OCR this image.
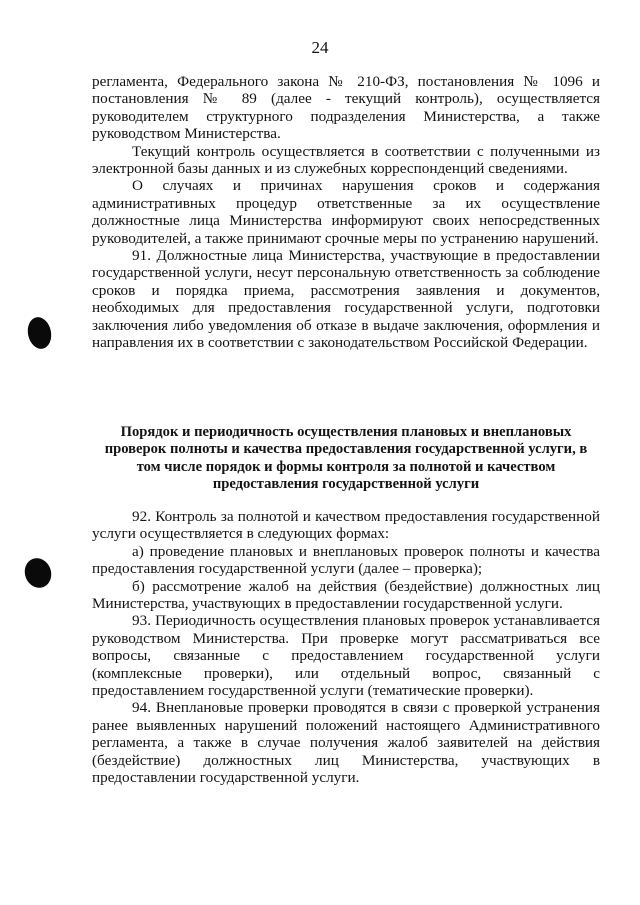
24

регламента, Федерального закона № 210-ФЗ, постановления № 1096 и постановления № 89 (далее - текущий контроль), осуществляется руководителем структурного подразделения Министерства, а также руководством Министерства.

Текущий контроль осуществляется в соответствии с полученными из электронной базы данных и из служебных корреспонденций сведениями.

О случаях и причинах нарушения сроков и содержания административных процедур ответственные за их осуществление должностные лица Министерства информируют своих непосредственных руководителей, а также принимают срочные меры по устранению нарушений.

91. Должностные лица Министерства, участвующие в предоставлении государственной услуги, несут персональную ответственность за соблюдение сроков и порядка приема, рассмотрения заявления и документов, необходимых для предоставления государственной услуги, подготовки заключения либо уведомления об отказе в выдаче заключения, оформления и направления их в соответствии с законодательством Российской Федерации.

Порядок и периодичность осуществления плановых и внеплановых проверок полноты и качества предоставления государственной услуги, в том числе порядок и формы контроля за полнотой и качеством предоставления государственной услуги

92. Контроль за полнотой и качеством предоставления государственной услуги осуществляется в следующих формах:

а) проведение плановых и внеплановых проверок полноты и качества предоставления государственной услуги (далее – проверка);

б) рассмотрение жалоб на действия (бездействие) должностных лиц Министерства, участвующих в предоставлении государственной услуги.

93. Периодичность осуществления плановых проверок устанавливается руководством Министерства. При проверке могут рассматриваться все вопросы, связанные с предоставлением государственной услуги (комплексные проверки), или отдельный вопрос, связанный с предоставлением государственной услуги (тематические проверки).

94. Внеплановые проверки проводятся в связи с проверкой устранения ранее выявленных нарушений положений настоящего Административного регламента, а также в случае получения жалоб заявителей на действия (бездействие) должностных лиц Министерства, участвующих в предоставлении государственной услуги.
